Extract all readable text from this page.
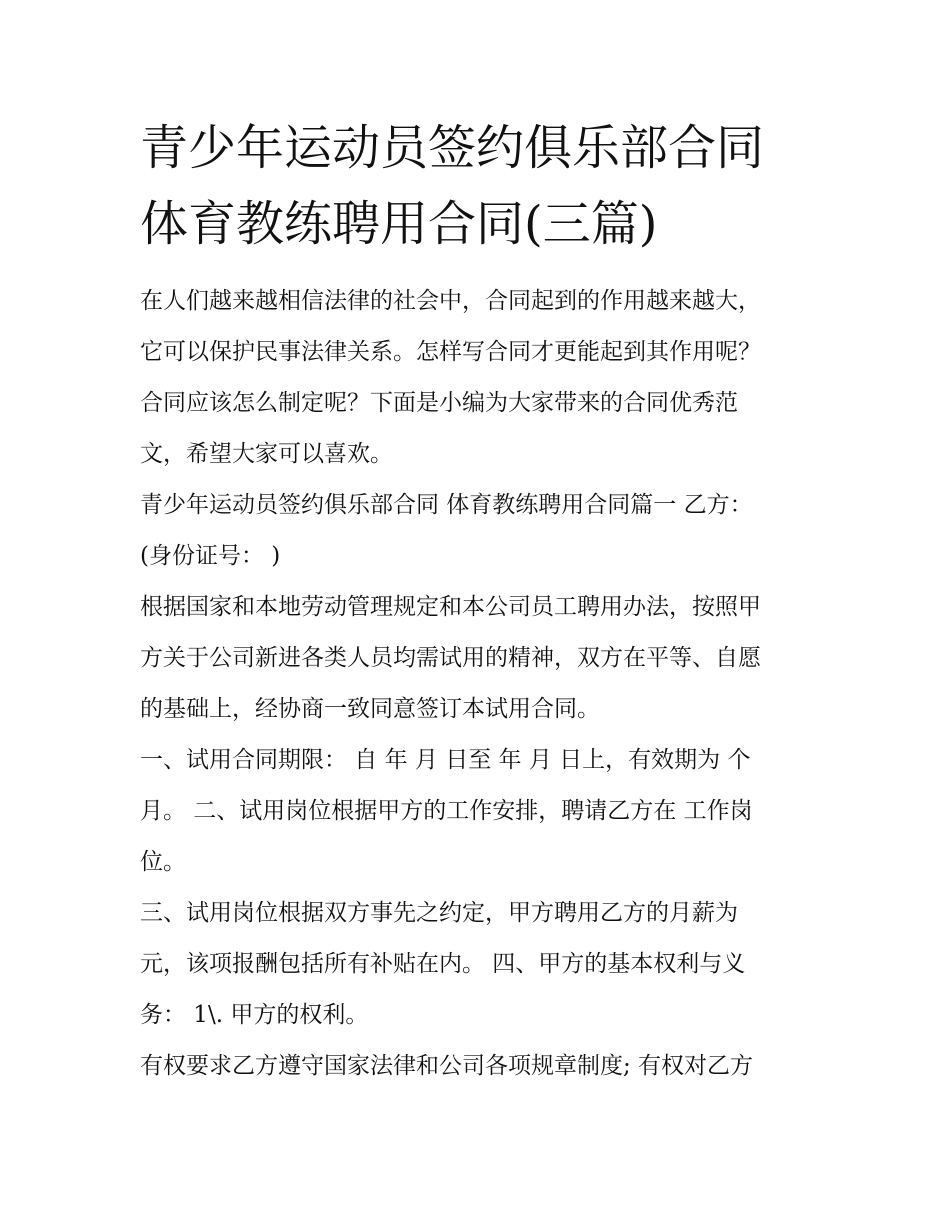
青少年运动员签约俱乐部合同
体育教练聘用合同(三篇)

在人们越来越相信法律的社会中，合同起到的作用越来越大，
它可以保护民事法律关系。怎样写合同才更能起到其作用呢？
合同应该怎么制定呢？下面是小编为大家带来的合同优秀范
文，希望大家可以喜欢。

青少年运动员签约俱乐部合同 体育教练聘用合同篇一 乙方：
(身份证号： )

根据国家和本地劳动管理规定和本公司员工聘用办法，按照甲
方关于公司新进各类人员均需试用的精神，双方在平等、自愿
的基础上，经协商一致同意签订本试用合同。

一、试用合同期限： 自 年 月 日至 年 月 日上，有效期为 个
月。 二、试用岗位根据甲方的工作安排，聘请乙方在 工作岗
位。

三、试用岗位根据双方事先之约定，甲方聘用乙方的月薪为
元，该项报酬包括所有补贴在内。 四、甲方的基本权利与义
务： 1\. 甲方的权利。

有权要求乙方遵守国家法律和公司各项规章制度; 有权对乙方
